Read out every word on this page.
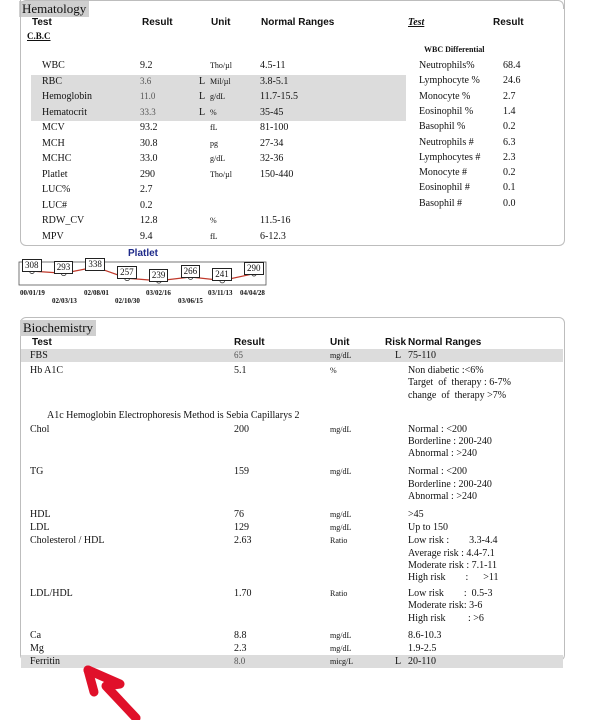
Hematology
Test	Result	Unit	Normal Ranges	Test	Result
C.B.C
WBC Differential
WBC	9.2	Tho/µl	4.5-11
RBC	3.6	L Mil/µl	3.8-5.1
Hemoglobin	11.0	L g/dL	11.7-15.5
Hematocrit	33.3	L %	35-45
MCV	93.2	fL	81-100
MCH	30.8	pg	27-34
MCHC	33.0	g/dL	32-36
Platlet	290	Tho/µl	150-440
LUC%	2.7
LUC#	0.2
RDW_CV	12.8	%	11.5-16
MPV	9.4	fL	6-12.3
Neutrophils%	68.4
Lymphocyte % 24.6
Monocyte %	2.7
Eosinophil %	1.4
Basophil %	0.2
Neutrophils #	6.3
Lymphocytes # 2.3
Monocyte #	0.2
Eosinophil #	0.1
Basophil #	0.0
Platlet
308	293	338
257	239	266	241
290
00/01/19	02/08/01	03/02/16	03/11/13 04/04/28
02/03/13	02/10/30	03/06/15
Biochemistry
Test	Result	Unit	Risk Normal Ranges
FBS	65	mg/dL	L 75-110
Hb A1C	5.1	%	Non diabetic :<6%
Target  of  therapy : 6-7%
change  of  therapy >7%
A1c Hemoglobin Electrophoresis Method is Sebia Capillarys 2
Chol	200	mg/dL	Normal : <200
Borderline : 200-240
Abnormal : >240
TG	159	mg/dL	Normal : <200
Borderline : 200-240
Abnormal : >240
HDL	76	mg/dL	>45
LDL	129	mg/dL	Up to 150
Cholesterol / HDL	2.63	Ratio	Low risk :        3.3-4.4
Average risk : 4.4-7.1
Moderate risk : 7.1-11
High risk        :      >11
LDL/HDL	1.70	Ratio	Low risk        :  0.5-3
Moderate risk: 3-6
High risk         : >6
Ca	8.8	mg/dL	8.6-10.3
Mg	2.3	mg/dL	1.9-2.5
Ferritin	8.0	micg/L	L 20-110
